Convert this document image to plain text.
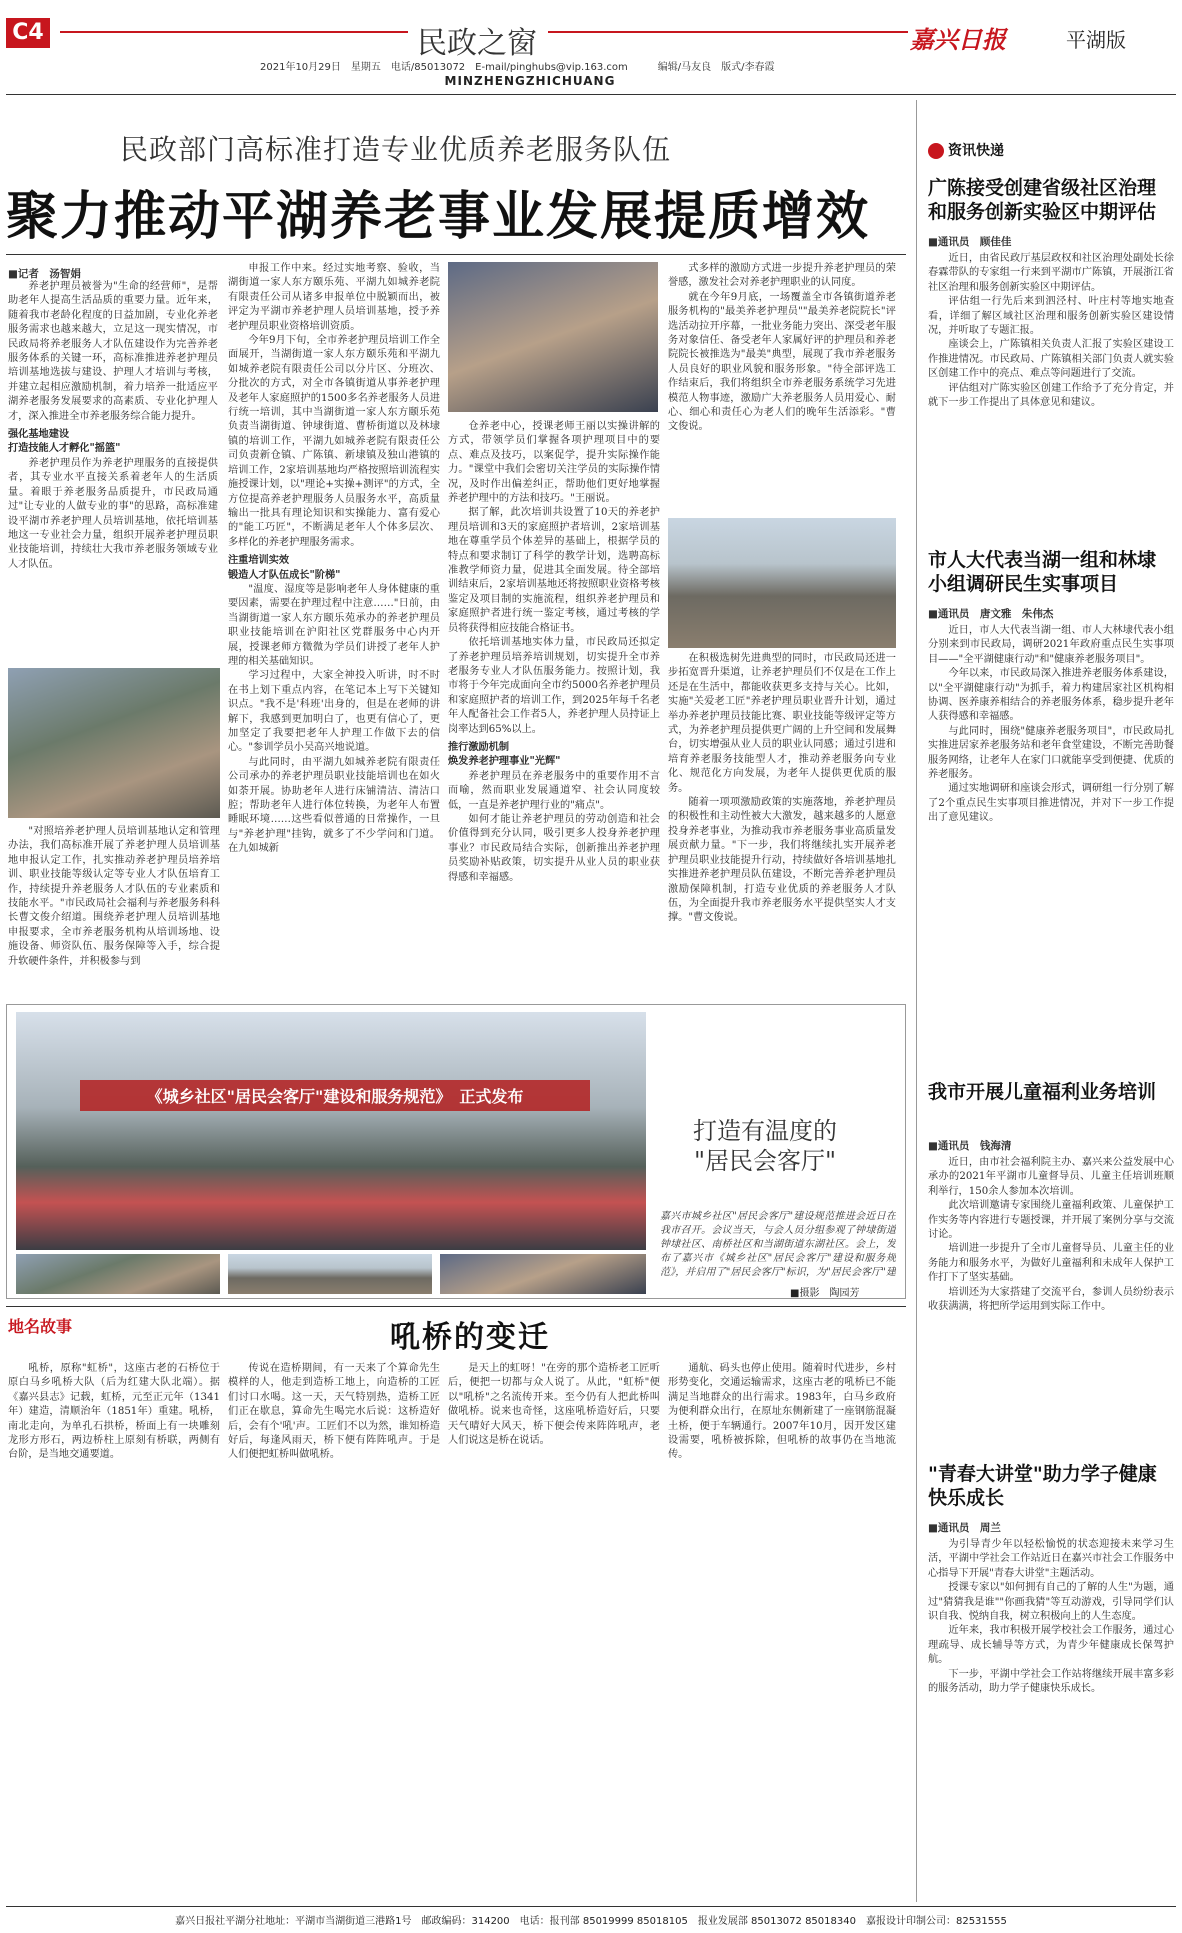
C4	民政之窗	嘉兴日报	平湖版
2021年10月29日　星期五　电话/85013072　E-mail/pinghubs@vip.163.com　　　编辑/马友良　版式/李春霞
MINZHENGZHICHUANG
民政部门高标准打造专业优质养老服务队伍
聚力推动平湖养老事业发展提质增效
■记者　汤智娟

养老护理员被誉为"生命的经营师"，是帮助老年人提高生活品质的重要力量。近年来，随着我市老龄化程度的日益加剧，专业化养老服务需求也越来越大，立足这一现实情况，市民政局将养老服务人才队伍建设作为完善养老服务体系的关键一环，高标准推进养老护理员培训基地选拔与建设、护理人才培训与考核，并建立起相应激励机制，着力培养一批适应平湖养老服务发展要求的高素质、专业化护理人才，深入推进全市养老服务综合能力提升。

强化基地建设
打造技能人才孵化"摇篮"

养老护理员作为养老护理服务的直接提供者，其专业水平直接关系着老年人的生活质量。着眼于养老服务品质提升，市民政局通过"让专业的人做专业的事"的思路，高标准建设平湖市养老护理人员培训基地，依托培训基地这一专业社会力量，组织开展养老护理员职业技能培训，持续壮大我市养老服务领域专业人才队伍。

"对照培养老护理人员培训基地认定和管理办法，我们高标准开展了养老护理人员培训基地申报认定工作，扎实推动养老护理员培养培训、职业技能等级认定等专业人才队伍培育工作，持续提升养老服务人才队伍的专业素质和技能水平。"市民政局社会福利与养老服务科科长曹文俊介绍道。围绕养老护理人员培训基地申报要求，全市养老服务机构从培训场地、设施设备、师资队伍、服务保障等入手，综合提升软硬件条件，并积极参与到

申报工作中来。经过实地考察、验收，当湖街道一家人东方颐乐苑、平湖九如城养老院有限责任公司从诸多申报单位中脱颖而出，被评定为平湖市养老护理人员培训基地，授予养老护理员职业资格培训资质。

今年9月下旬，全市养老护理员培训工作全面展开，当湖街道一家人东方颐乐苑和平湖九如城养老院有限责任公司以分片区、分班次、分批次的方式，对全市各镇街道从事养老护理及老年人家庭照护的1500多名养老服务人员进行统一培训，其中当湖街道一家人东方颐乐苑负责当湖街道、钟埭街道、曹桥街道以及林埭镇的培训工作，平湖九如城养老院有限责任公司负责新仓镇、广陈镇、新埭镇及独山港镇的培训工作，2家培训基地均严格按照培训流程实施授课计划，以"理论+实操+测评"的方式，全方位提高养老护理服务人员服务水平，高质量输出一批具有理论知识和实操能力、富有爱心的"能工巧匠"，不断满足老年人个体多层次、多样化的养老护理服务需求。

注重培训实效
锻造人才队伍成长"阶梯"

"温度、湿度等是影响老年人身体健康的重要因素，需要在护理过程中注意……"日前，由当湖街道一家人东方颐乐苑承办的养老护理员职业技能培训在沪阳社区党群服务中心内开展，授课老师方微微为学员们讲授了老年人护理的相关基础知识。

学习过程中，大家全神投入听讲，时不时在书上划下重点内容，在笔记本上写下关键知识点。"我不是'科班'出身的，但是在老师的讲解下，我感到更加明白了，也更有信心了，更加坚定了我要把老年人护理工作做下去的信心。"参训学员小吴高兴地说道。

与此同时，由平湖九如城养老院有限责任公司承办的养老护理员职业技能培训也在如火如荼开展。协助老年人进行床铺清洁、清洁口腔；帮助老年人进行体位转换，为老年人布置睡眠环境……这些看似普通的日常操作，一旦与"养老护理"挂钩，就多了不少学问和门道。在九如城新

仓养老中心，授课老师王丽以实操讲解的方式，带领学员们掌握各项护理项目中的要点、难点及技巧，以案促学，提升实际操作能力。"课堂中我们会密切关注学员的实际操作情况，及时作出偏差纠正，帮助他们更好地掌握养老护理中的方法和技巧。"王丽说。

据了解，此次培训共设置了10天的养老护理员培训和3天的家庭照护者培训，2家培训基地在尊重学员个体差异的基础上，根据学员的特点和要求制订了科学的教学计划，选聘高标准教学师资力量，促进其全面发展。待全部培训结束后，2家培训基地还将按照职业资格考核鉴定及项目制的实施流程，组织养老护理员和家庭照护者进行统一鉴定考核，通过考核的学员将获得相应技能合格证书。

依托培训基地实体力量，市民政局还拟定了养老护理员培养培训规划，切实提升全市养老服务专业人才队伍服务能力。按照计划，我市将于今年完成面向全市约5000名养老护理员和家庭照护者的培训工作，到2025年每千名老年人配备社会工作者5人，养老护理人员持证上岗率达到65%以上。

推行激励机制
焕发养老护理事业"光辉"

养老护理员在养老服务中的重要作用不言而喻，然而职业发展通道窄、社会认同度较低，一直是养老护理行业的"痛点"。

如何才能让养老护理员的劳动创造和社会价值得到充分认同，吸引更多人投身养老护理事业？市民政局结合实际，创新推出养老护理员奖励补贴政策，切实提升从业人员的职业获得感和幸福感。

式多样的激励方式进一步提升养老护理员的荣誉感，激发社会对养老护理职业的认同度。

就在今年9月底，一场覆盖全市各镇街道养老服务机构的"最美养老护理员""最美养老院院长"评选活动拉开序幕，一批业务能力突出、深受老年服务对象信任、备受老年人家属好评的护理员和养老院院长被推选为"最美"典型，展现了我市养老服务人员良好的职业风貌和服务形象。"待全部评选工作结束后，我们将组织全市养老服务系统学习先进模范人物事迹，激励广大养老服务人员用爱心、耐心、细心和责任心为老人们的晚年生活添彩。"曹文俊说。

在积极选树先进典型的同时，市民政局还进一步拓宽晋升渠道，让养老护理员们不仅是在工作上还是在生活中，都能收获更多支持与关心。比如，实施"关爱老工匠"养老护理员职业晋升计划，通过举办养老护理员技能比赛、职业技能等级评定等方式，为养老护理员提供更广阔的上升空间和发展舞台，切实增强从业人员的职业认同感；通过引进和培育养老服务技能型人才，推动养老服务向专业化、规范化方向发展，为老年人提供更优质的服务。

随着一项项激励政策的实施落地，养老护理员的积极性和主动性被大大激发，越来越多的人愿意投身养老事业，为推动我市养老服务事业高质量发展贡献力量。"下一步，我们将继续扎实开展养老护理员职业技能提升行动，持续做好各培训基地扎实推进养老护理员队伍建设，不断完善养老护理员激励保障机制，打造专业优质的养老服务人才队伍，为全面提升我市养老服务水平提供坚实人才支撑。"曹文俊说。

《城乡社区"居民会客厅"建设和服务规范》　正式发布
打造有温度的
"居民会客厅"
嘉兴市城乡社区"居民会客厅"建设规范推进会近日在我市召开。会议当天，与会人员分组参观了钟埭街道钟埭社区、南桥社区和当湖街道东湖社区。会上，发布了嘉兴市《城乡社区"居民会客厅"建设和服务规范》，并启用了"居民会客厅"标识，为"居民会客厅"建
■摄影　陶园芳
地名故事	吼桥的变迁

吼桥，原称"虹桥"，这座古老的石桥位于原白马乡吼桥大队（后为红建大队北端）。据《嘉兴县志》记载，虹桥，元至正元年（1341年）建造，清顺治年（1851年）重建。吼桥，南北走向，为单孔石拱桥，桥面上有一块雕刻龙形方形石，两边桥柱上原刻有桥联，两侧有台阶，是当地交通要道。

传说在造桥期间，有一天来了个算命先生模样的人，他走到造桥工地上，向造桥的工匠们讨口水喝。这一天，天气特别热，造桥工匠们正在歇息，算命先生喝完水后说：这桥造好后，会有个'吼'声。工匠们不以为然，谁知桥造好后，每逢风雨天，桥下便有阵阵吼声。于是人们便把虹桥叫做吼桥。

是天上的虹呀！"在旁的那个造桥老工匠听后，便把一切都与众人说了。从此，"虹桥"便以"吼桥"之名流传开来。至今仍有人把此桥叫做吼桥。说来也奇怪，这座吼桥造好后，只要天气晴好大风天，桥下便会传来阵阵吼声，老人们说这是桥在说话。

通航、码头也停止使用。随着时代进步，乡村形势变化，交通运输需求，这座古老的吼桥已不能满足当地群众的出行需求。1983年，白马乡政府为便利群众出行，在原址东侧新建了一座钢筋混凝土桥，便于车辆通行。2007年10月，因开发区建设需要，吼桥被拆除，但吼桥的故事仍在当地流传。

资讯快递
广陈接受创建省级社区治理和服务创新实验区中期评估
■通讯员　顾佳佳

近日，由省民政厅基层政权和社区治理处副处长徐春霖带队的专家组一行来到平湖市广陈镇，开展浙江省社区治理和服务创新实验区中期评估。

评估组一行先后来到泗泾村、叶庄村等地实地查看，详细了解区域社区治理和服务创新实验区建设情况，并听取了专题汇报。

座谈会上，广陈镇相关负责人汇报了实验区建设工作推进情况。市民政局、广陈镇相关部门负责人就实验区创建工作中的亮点、难点等问题进行了交流。

评估组对广陈实验区创建工作给予了充分肯定，并就下一步工作提出了具体意见和建议。

市人大代表当湖一组和林埭小组调研民生实事项目
■通讯员　唐文雅　朱伟杰

近日，市人大代表当湖一组、市人大林埭代表小组分别来到市民政局，调研2021年政府重点民生实事项目——"全平湖健康行动"和"健康养老服务项目"。

今年以来，市民政局深入推进养老服务体系建设，以"全平湖健康行动"为抓手，着力构建居家社区机构相协调、医养康养相结合的养老服务体系，稳步提升老年人获得感和幸福感。

与此同时，围绕"健康养老服务项目"，市民政局扎实推进居家养老服务站和老年食堂建设，不断完善助餐服务网络，让老年人在家门口就能享受到便捷、优质的养老服务。

通过实地调研和座谈会形式，调研组一行分别了解了2个重点民生实事项目推进情况，并对下一步工作提出了意见建议。

我市开展儿童福利业务培训
■通讯员　钱海清

近日，由市社会福利院主办、嘉兴来公益发展中心承办的2021年平湖市儿童督导员、儿童主任培训班顺利举行，150余人参加本次培训。

此次培训邀请专家围绕儿童福利政策、儿童保护工作实务等内容进行专题授课，并开展了案例分享与交流讨论。

培训进一步提升了全市儿童督导员、儿童主任的业务能力和服务水平，为做好儿童福利和未成年人保护工作打下了坚实基础。

培训还为大家搭建了交流平台，参训人员纷纷表示收获满满，将把所学运用到实际工作中。

"青春大讲堂"助力学子健康快乐成长
■通讯员　周兰

为引导青少年以轻松愉悦的状态迎接未来学习生活，平湖中学社会工作站近日在嘉兴市社会工作服务中心指导下开展"青春大讲堂"主题活动。

授课专家以"如何拥有自己的了解的人生"为题，通过"猜猜我是谁""你画我猜"等互动游戏，引导同学们认识自我、悦纳自我，树立积极向上的人生态度。

近年来，我市积极开展学校社会工作服务，通过心理疏导、成长辅导等方式，为青少年健康成长保驾护航。

下一步，平湖中学社会工作站将继续开展丰富多彩的服务活动，助力学子健康快乐成长。

嘉兴日报社平湖分社地址：平湖市当湖街道三港路1号　邮政编码：314200　电话：报刊部 85019999 85018105　报业发展部 85013072 85018340　嘉报设计印制公司：82531555
